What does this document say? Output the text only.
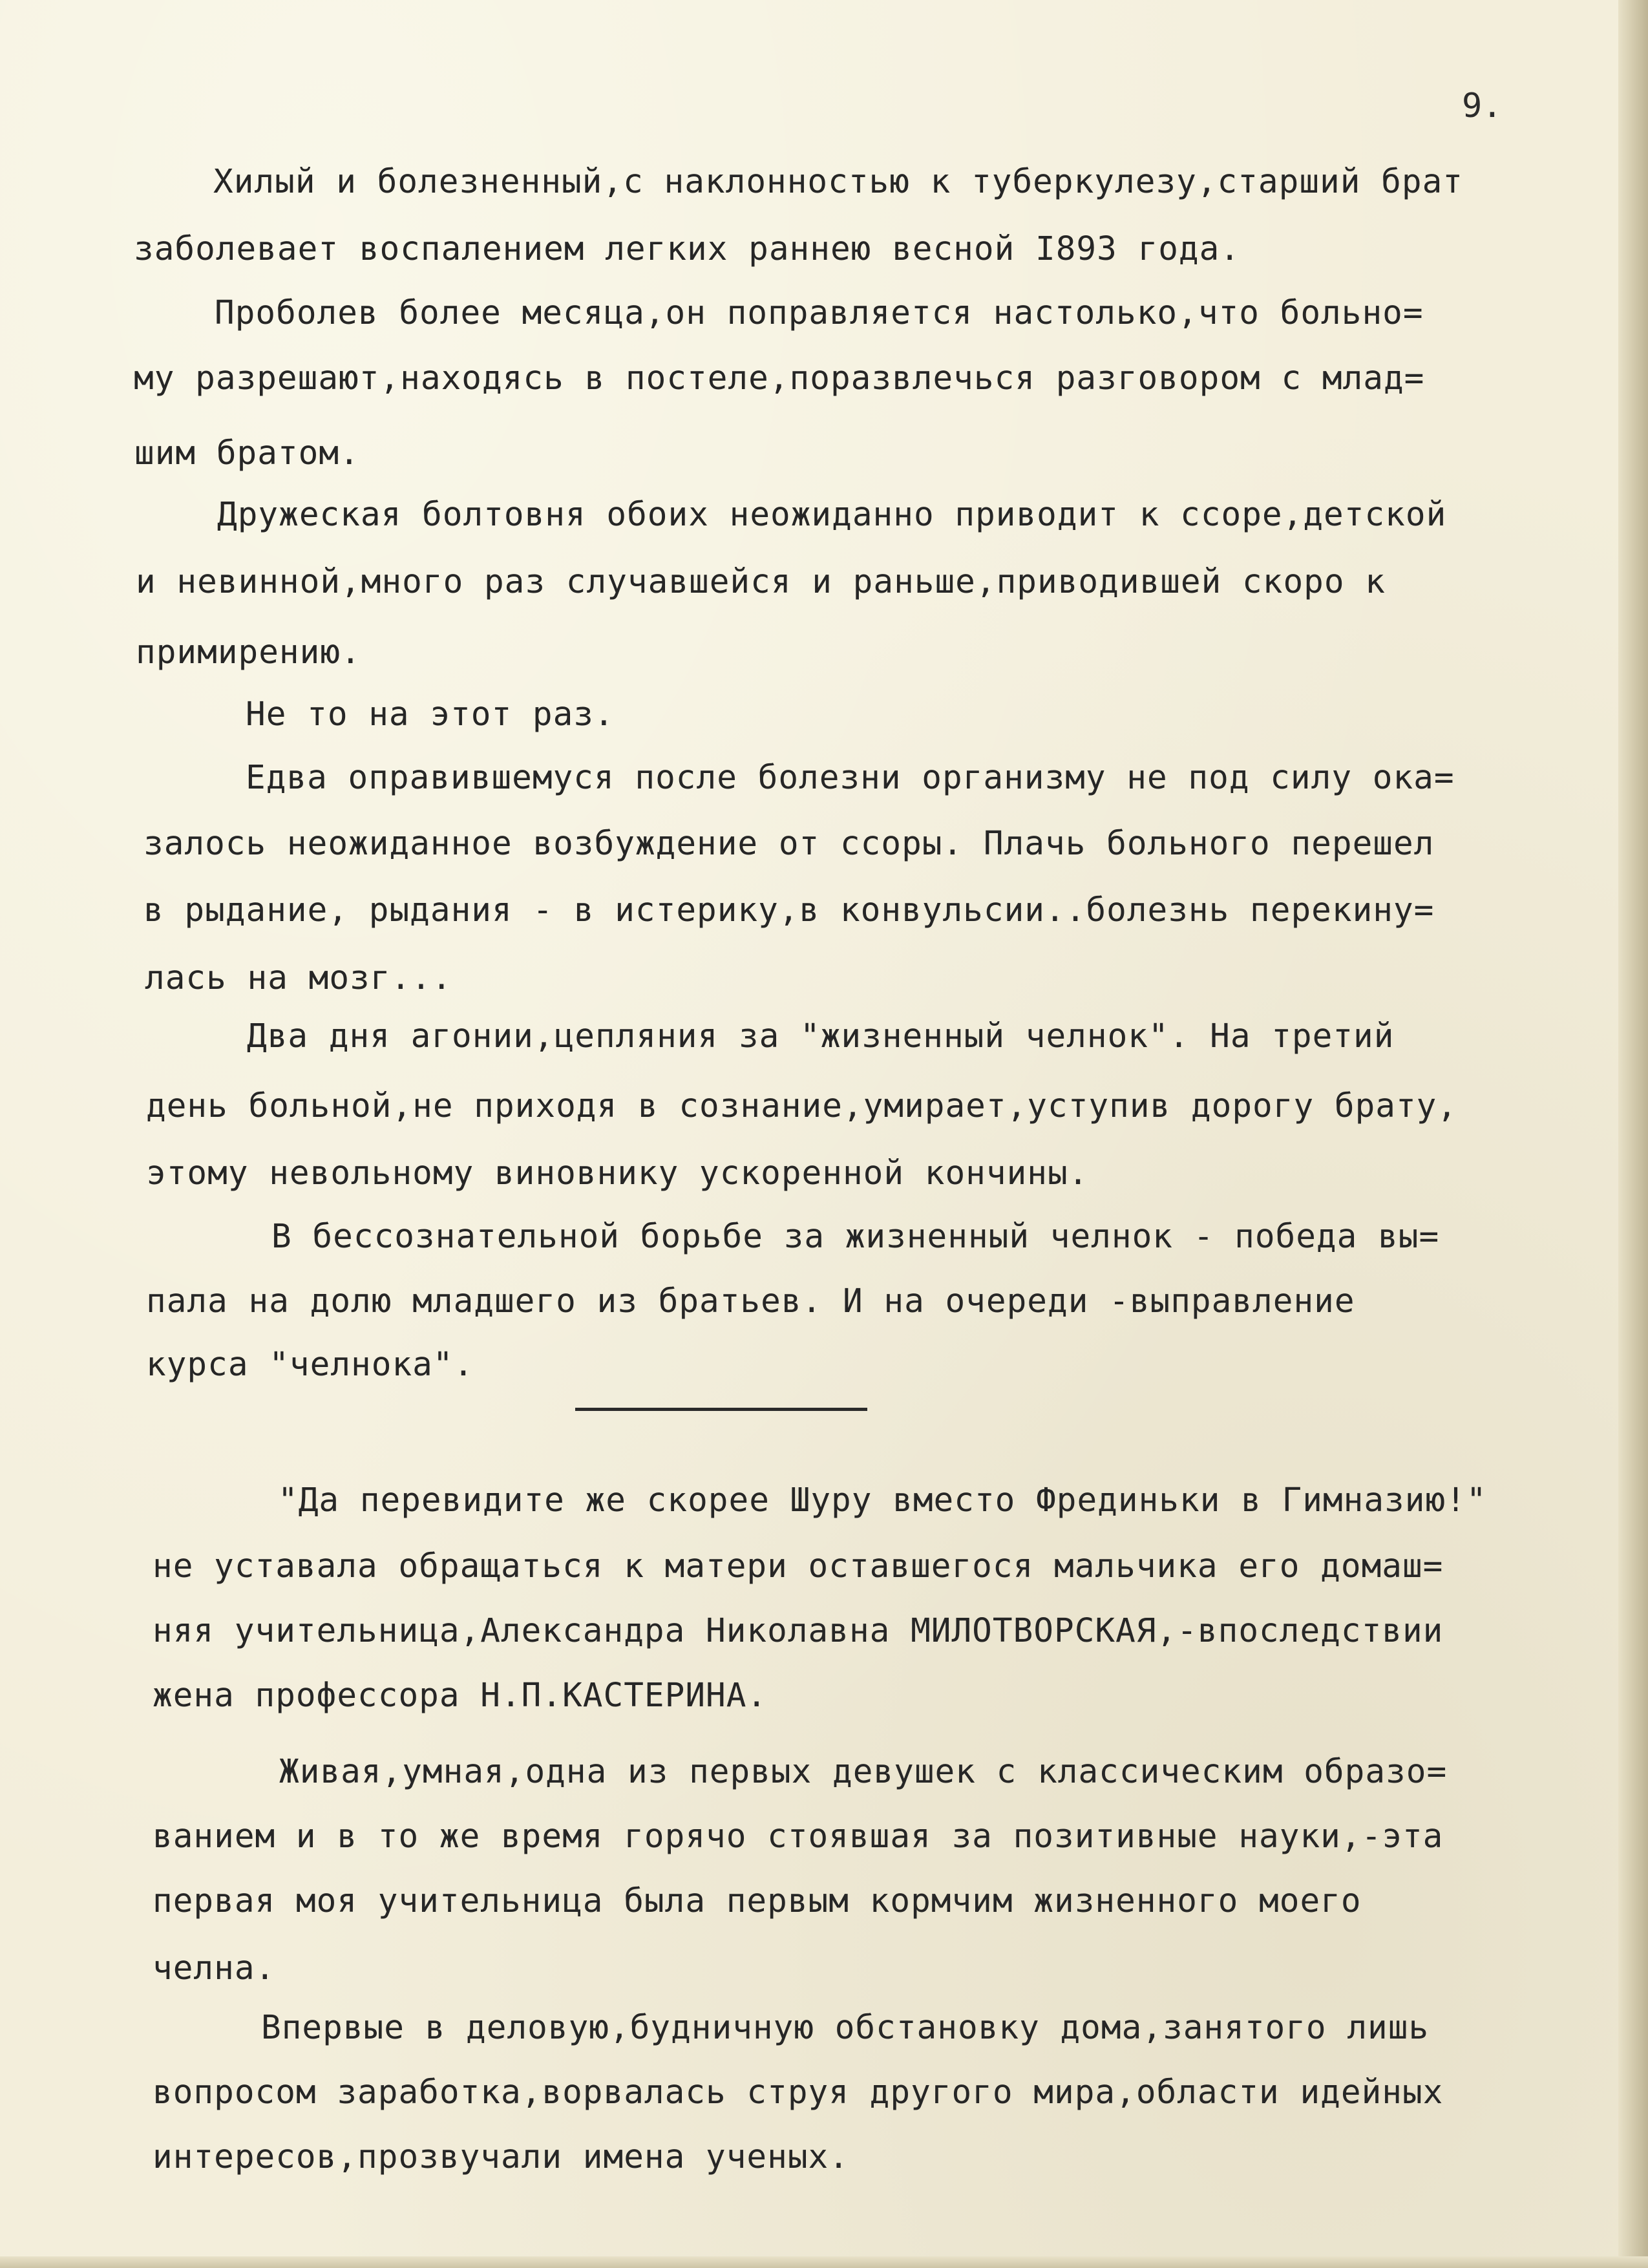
9.
Хилый и болезненный,с наклонностью к туберкулезу,старший брат
заболевает воспалением легких раннею весной I893 года.
Проболев более месяца,он поправляется настолько,что больно=
му разрешают,находясь в постеле,поразвлечься разговором с млад=
шим братом.
Дружеская болтовня обоих неожиданно приводит к ссоре,детской
и невинной,много раз случавшейся и раньше,приводившей скоро к
примирению.
Не то на этот раз.
Едва оправившемуся после болезни организму не под силу ока=
залось неожиданное возбуждение от ссоры. Плачь больного перешел
в рыдание, рыдания - в истерику,в конвульсии..болезнь перекину=
лась на мозг...
Два дня агонии,цепляния за "жизненный челнок". На третий
день больной,не приходя в сознание,умирает,уступив дорогу брату,
этому невольному виновнику ускоренной кончины.
В бессознательной борьбе за жизненный челнок - победа вы=
пала на долю младшего из братьев. И на очереди -выправление
курса "челнока".
"Да перевидите же скорее Шуру вместо Фрединьки в Гимназию!"
не уставала обращаться к матери оставшегося мальчика его домаш=
няя учительница,Александра Николавна МИЛОТВОРСКАЯ,-впоследствии
жена профессора Н.П.КАСТЕРИНА.
Живая,умная,одна из первых девушек с классическим образо=
ванием и в то же время горячо стоявшая за позитивные науки,-эта
первая моя учительница была первым кормчим жизненного моего
челна.
Впервые в деловую,будничную обстановку дома,занятого лишь
вопросом заработка,ворвалась струя другого мира,области идейных
интересов,прозвучали имена ученых.
